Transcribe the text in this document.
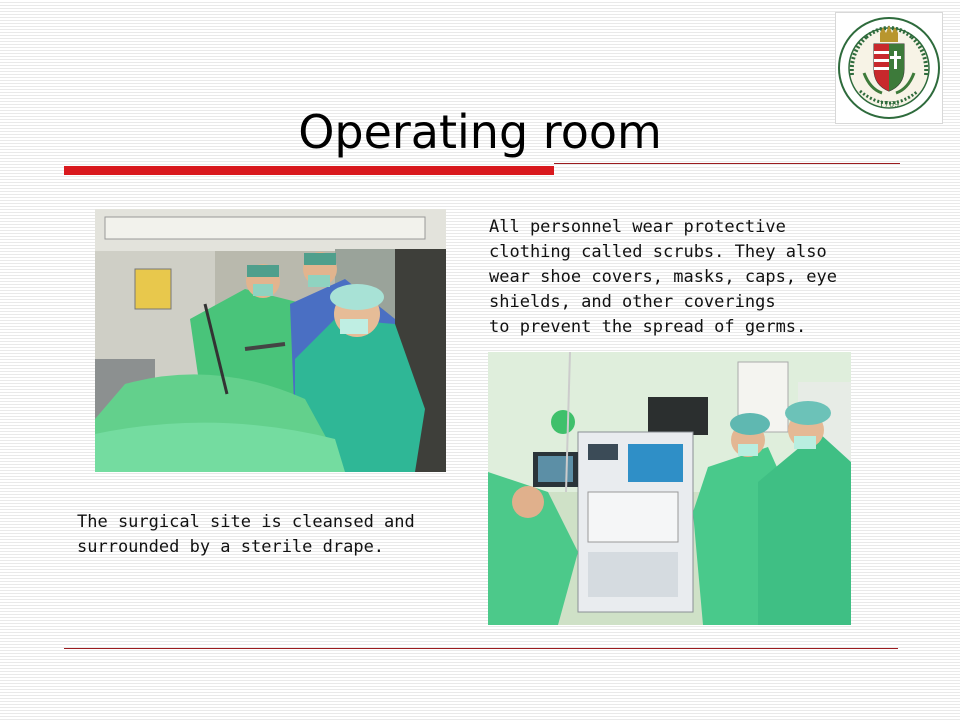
1769
Operating room

All personnel wear protective
clothing called scrubs. They also
wear shoe covers, masks, caps, eye
shields, and other coverings
to prevent the spread of germs.

The surgical site is cleansed and
surrounded by a sterile drape.
